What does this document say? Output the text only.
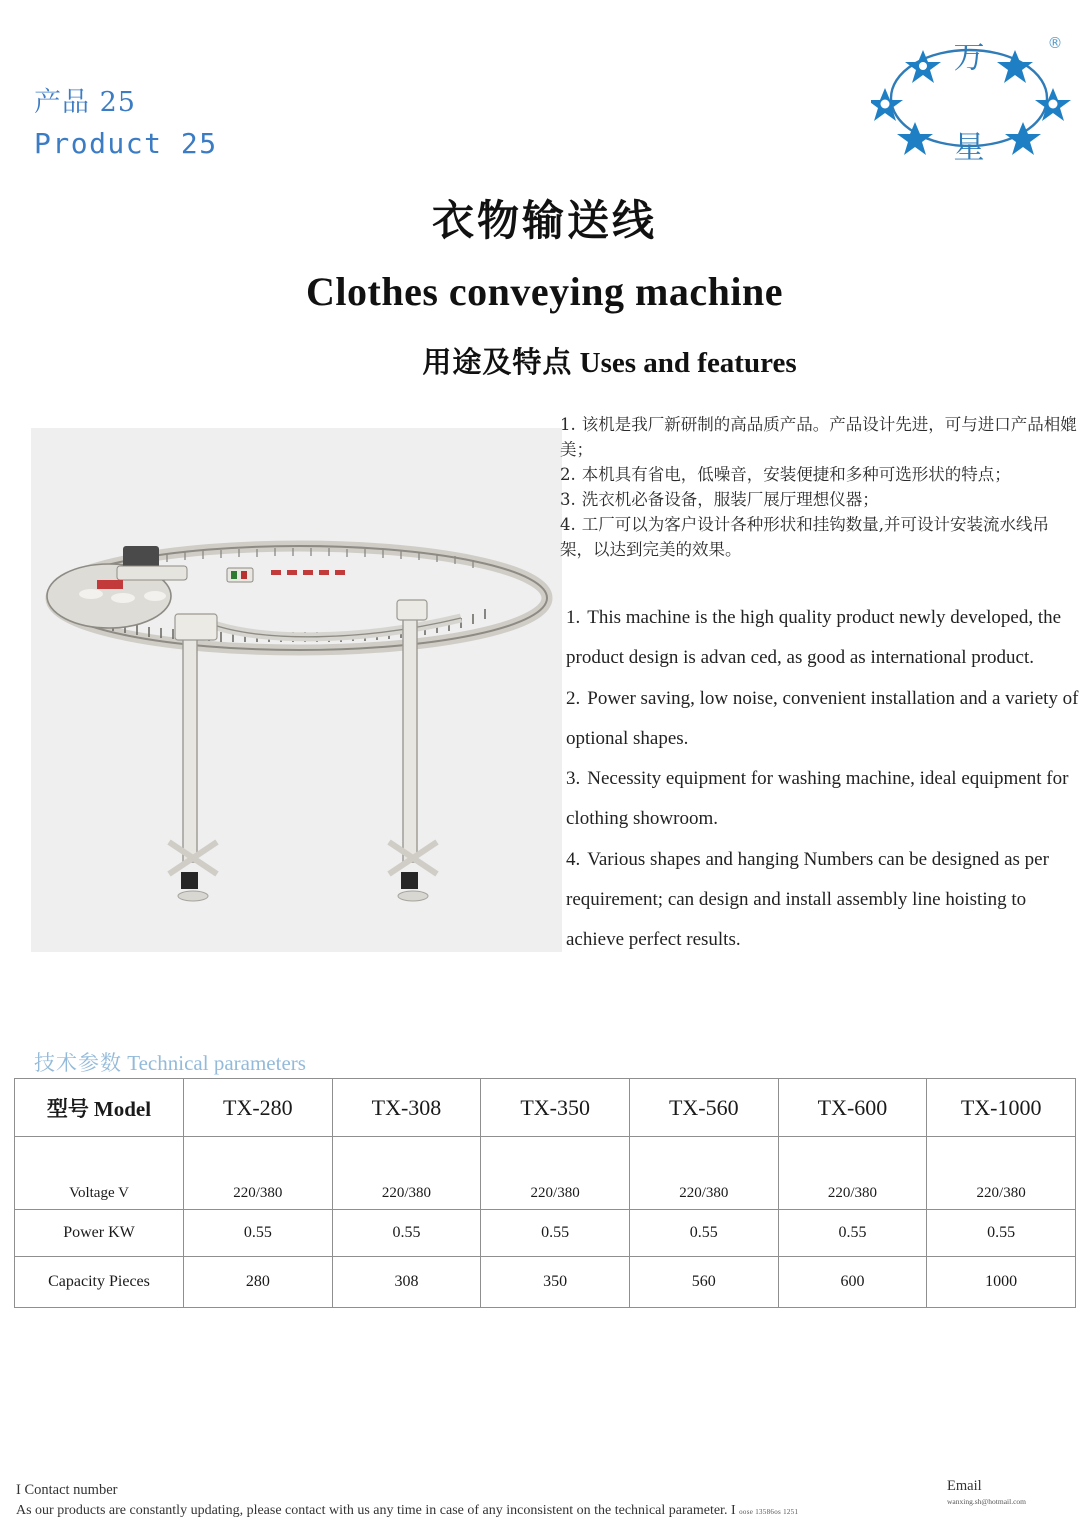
产品 25
Product 25
万
星
®
衣物输送线
Clothes conveying machine
用途及特点 Uses and features
1. 该机是我厂新研制的高品质产品。产品设计先进，可与进口产品相媲美；
2. 本机具有省电，低噪音，安装便捷和多种可选形状的特点；
3. 洗衣机必备设备，服装厂展厅理想仪器；
4. 工厂可以为客户设计各种形状和挂钩数量,并可设计安装流水线吊架，以达到完美的效果。

1. This machine is the high quality product newly developed, the product design is advan ced, as good as international product.

2. Power saving, low noise, convenient installation and a variety of optional shapes.

3. Necessity equipment for washing machine, ideal equipment for clothing showroom.

4. Various shapes and hanging Numbers can be designed as per requirement; can design and install assembly line hoisting to achieve perfect results.

技术参数 Technical parameters
型号 Model	TX-280	TX-308	TX-350	TX-560	TX-600	TX-1000
Voltage V	220/380	220/380	220/380	220/380	220/380	220/380
Power KW	0.55	0.55	0.55	0.55	0.55	0.55
Capacity Pieces	280	308	350	560	600	1000
I Contact number
As our products are constantly updating, please contact with us any time in case of any inconsistent on the technical parameter. I oose 13586os 1251
Email
wanxing.sh@hotmail.com
